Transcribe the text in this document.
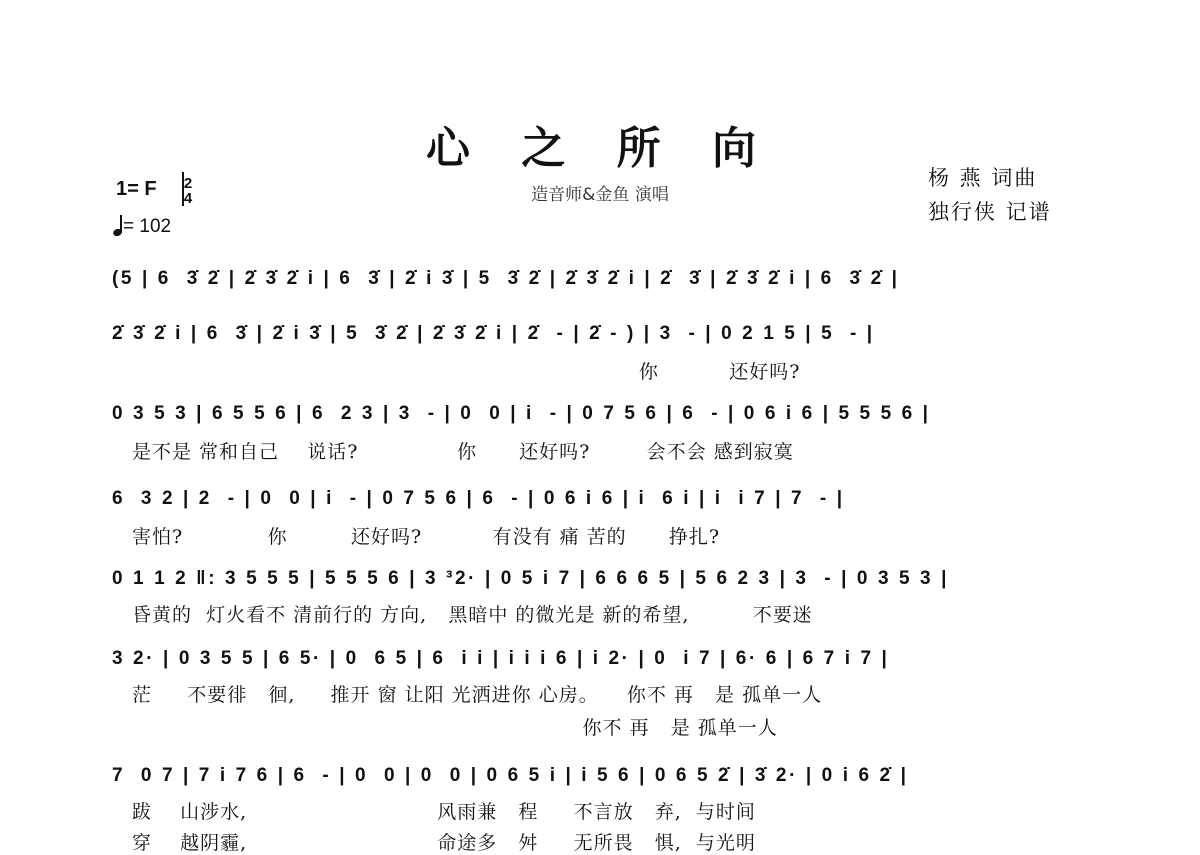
心 之 所 向
造音师&金鱼 演唱
杨 燕 词曲
独行侠 记谱
1= F 2
4
= 102
(5 | 6  3̇ 2̇ | 2̇ 3̇ 2̇ i | 6  3̇ | 2̇ i 3̇ | 5  3̇ 2̇ | 2̇ 3̇ 2̇ i | 2̇  3̇ | 2̇ 3̇ 2̇ i | 6  3̇ 2̇ |
2̇ 3̇ 2̇ i | 6  3̇ | 2̇ i 3̇ | 5  3̇ 2̇ | 2̇ 3̇ 2̇ i | 2̇  - | 2̇ - ) | 3  - | 0 2 1 5 | 5  - |
0 3 5 3 | 6 5 5 6 | 6  2 3 | 3  - | 0  0 | i  - | 0 7 5 6 | 6  - | 0 6 i 6 | 5 5 5 6 |
6  3 2 | 2  - | 0  0 | i  - | 0 7 5 6 | 6  - | 0 6 i 6 | i  6 i | i  i 7 | 7  - |
0 1 1 2 ‖: 3 5 5 5 | 5 5 5 6 | 3 ³2· | 0 5 i 7 | 6 6 6 5 | 5 6 2 3 | 3  - | 0 3 5 3 |
3 2· | 0 3 5 5 | 6 5· | 0  6 5 | 6  i i | i i i 6 | i 2· | 0  i 7 | 6· 6 | 6 7 i 7 |
7  0 7 | 7 i 7 6 | 6  - | 0  0 | 0  0 | 0 6 5 i | i 5 6 | 0 6 5 2̇ | 3̇ 2· | 0 i 6 2̇ |
你          还好吗?
是不是 常和自己    说话?              你      还好吗?        会不会 感到寂寞
害怕?            你         还好吗?          有没有 痛 苦的      挣扎?
昏黄的  灯火看不 清前行的 方向,   黑暗中 的微光是 新的希望,         不要迷
茫     不要徘   徊,     推开 窗 让阳 光洒进你 心房。    你不 再   是 孤单一人
你不 再   是 孤单一人
跋    山涉水,                           风雨兼   程     不言放   弃,  与时间
穿    越阴霾,                           命途多   舛     无所畏   惧,  与光明
